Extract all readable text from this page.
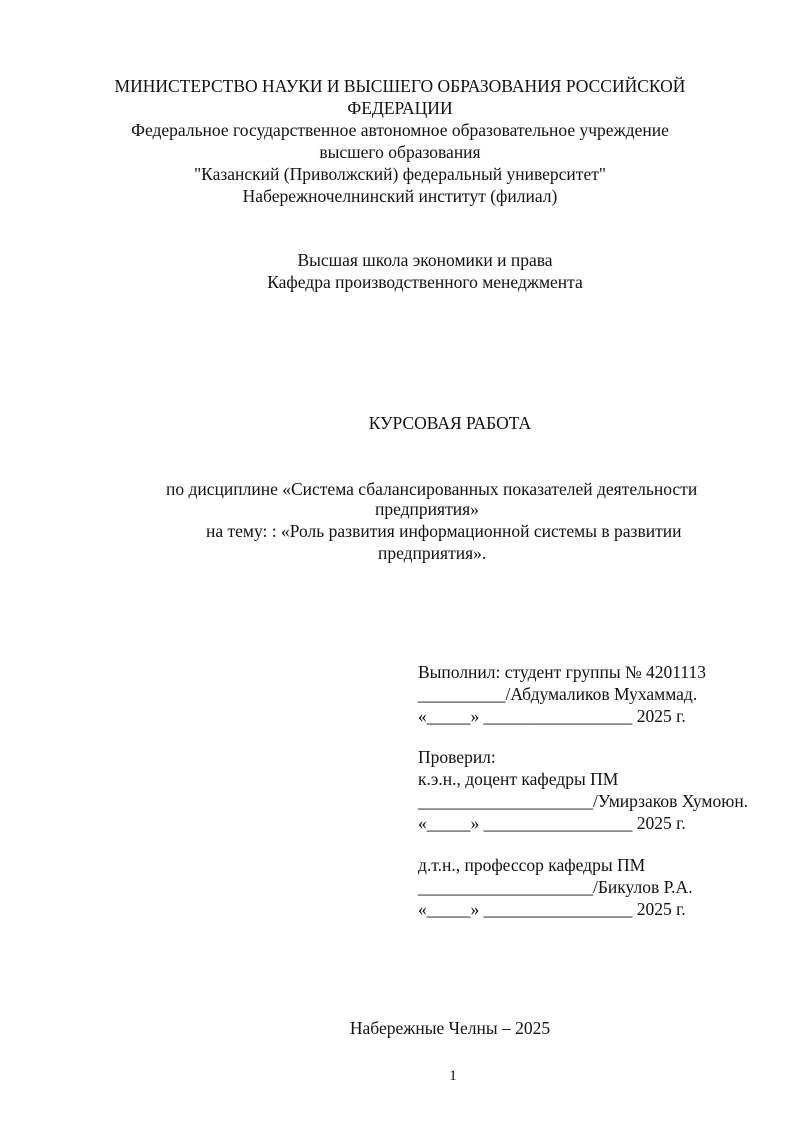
МИНИСТЕРСТВО НАУКИ И ВЫСШЕГО ОБРАЗОВАНИЯ РОССИЙСКОЙ
ФЕДЕРАЦИИ
Федеральное государственное автономное образовательное учреждение
высшего образования
"Казанский (Приволжский) федеральный университет"
Набережночелнинский институт (филиал)
Высшая школа экономики и права
Кафедра производственного менеджмента
КУРСОВАЯ РАБОТА
по дисциплине «Система сбалансированных показателей деятельности
предприятия»
на тему: : «Роль развития информационной системы в развитии
предприятия».
Выполнил: студент группы № 4201113
__________/Абдумаликов Мухаммад.
«_____» _________________ 2025 г.
Проверил:
к.э.н., доцент кафедры ПМ
____________________/Умирзаков Хумоюн.
«_____» _________________ 2025 г.
д.т.н., профессор кафедры ПМ
____________________/Бикулов Р.А.
«_____» _________________ 2025 г.
Набережные Челны – 2025
1
